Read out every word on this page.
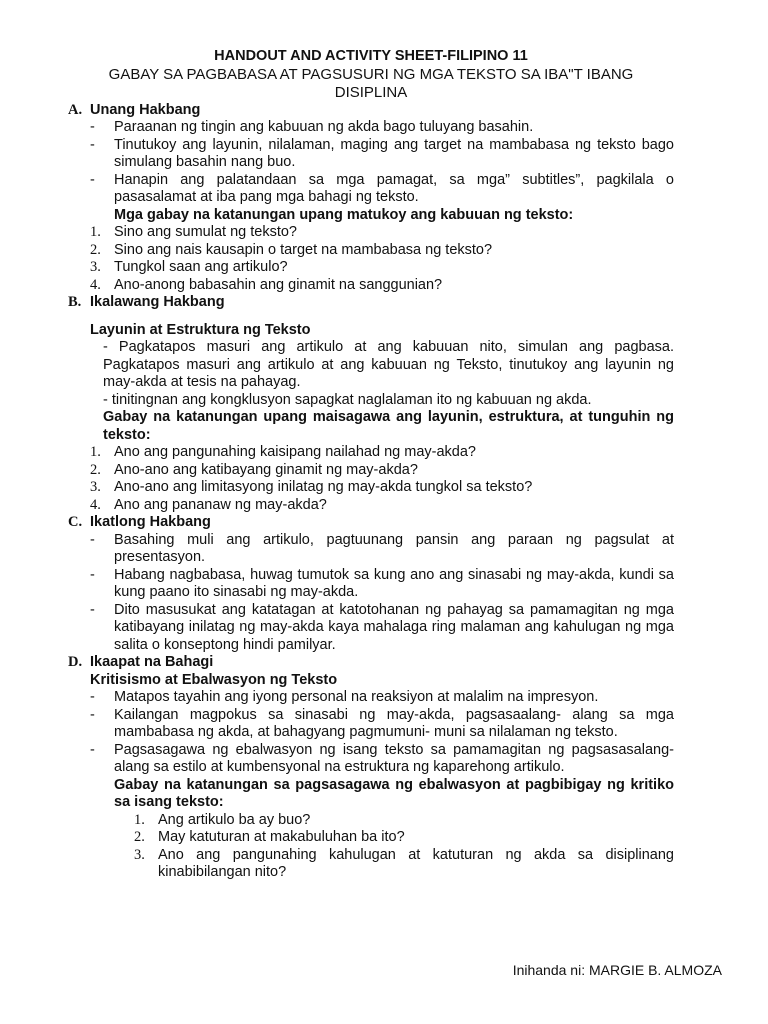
HANDOUT AND ACTIVITY SHEET-FILIPINO 11
GABAY SA PAGBABASA AT PAGSUSURI NG MGA TEKSTO SA IBA"T IBANG
DISIPLINA
A. Unang Hakbang
- Paraanan ng tingin ang kabuuan ng akda bago tuluyang basahin.
- Tinutukoy ang layunin, nilalaman, maging ang target na mambabasa ng teksto bago simulang basahin nang buo.
- Hanapin ang palatandaan sa mga pamagat, sa mga” subtitles”, pagkilala o pasasalamat at iba pang mga bahagi ng teksto.
Mga gabay na katanungan upang matukoy ang kabuuan ng teksto:
1. Sino ang sumulat ng teksto?
2. Sino ang nais kausapin o target na mambabasa ng teksto?
3. Tungkol saan ang artikulo?
4. Ano-anong babasahin ang ginamit na sanggunian?
B. Ikalawang Hakbang
Layunin at Estruktura ng Teksto
- Pagkatapos masuri ang artikulo at ang kabuuan nito, simulan ang pagbasa. Pagkatapos masuri ang artikulo at ang kabuuan ng Teksto, tinutukoy ang layunin ng may-akda at tesis na pahayag.
- tinitingnan ang kongklusyon sapagkat naglalaman ito ng kabuuan ng akda.
Gabay na katanungan upang maisagawa ang layunin, estruktura, at tunguhin ng teksto:
1. Ano ang pangunahing kaisipang nailahad ng may-akda?
2. Ano-ano ang katibayang ginamit ng may-akda?
3. Ano-ano ang limitasyong inilatag ng may-akda tungkol sa teksto?
4. Ano ang pananaw ng may-akda?
C. Ikatlong Hakbang
- Basahing muli ang artikulo, pagtuunang pansin ang paraan ng pagsulat at presentasyon.
- Habang nagbabasa, huwag tumutok sa kung ano ang sinasabi ng may-akda, kundi sa kung paano ito sinasabi ng may-akda.
- Dito masusukat ang katatagan at katotohanan ng pahayag sa pamamagitan ng mga katibayang inilatag ng may-akda kaya mahalaga ring malaman ang kahulugan ng mga salita o konseptong hindi pamilyar.
D. Ikaapat na Bahagi
Kritisismo at Ebalwasyon ng Teksto
- Matapos tayahin ang iyong personal na reaksiyon at malalim na impresyon.
- Kailangan magpokus sa sinasabi ng may-akda, pagsasaalang- alang sa mga mambabasa ng akda, at bahagyang pagmumuni- muni sa nilalaman ng teksto.
- Pagsasagawa ng ebalwasyon ng isang teksto sa pamamagitan ng pagsasasalang-alang sa estilo at kumbensyonal na estruktura ng kaparehong artikulo.
Gabay na katanungan sa pagsasagawa ng ebalwasyon at pagbibigay ng kritiko sa isang teksto:
1. Ang artikulo ba ay buo?
2. May katuturan at makabuluhan ba ito?
3. Ano ang pangunahing kahulugan at katuturan ng akda sa disiplinang kinabibilangan nito?
Inihanda ni: MARGIE B. ALMOZA
